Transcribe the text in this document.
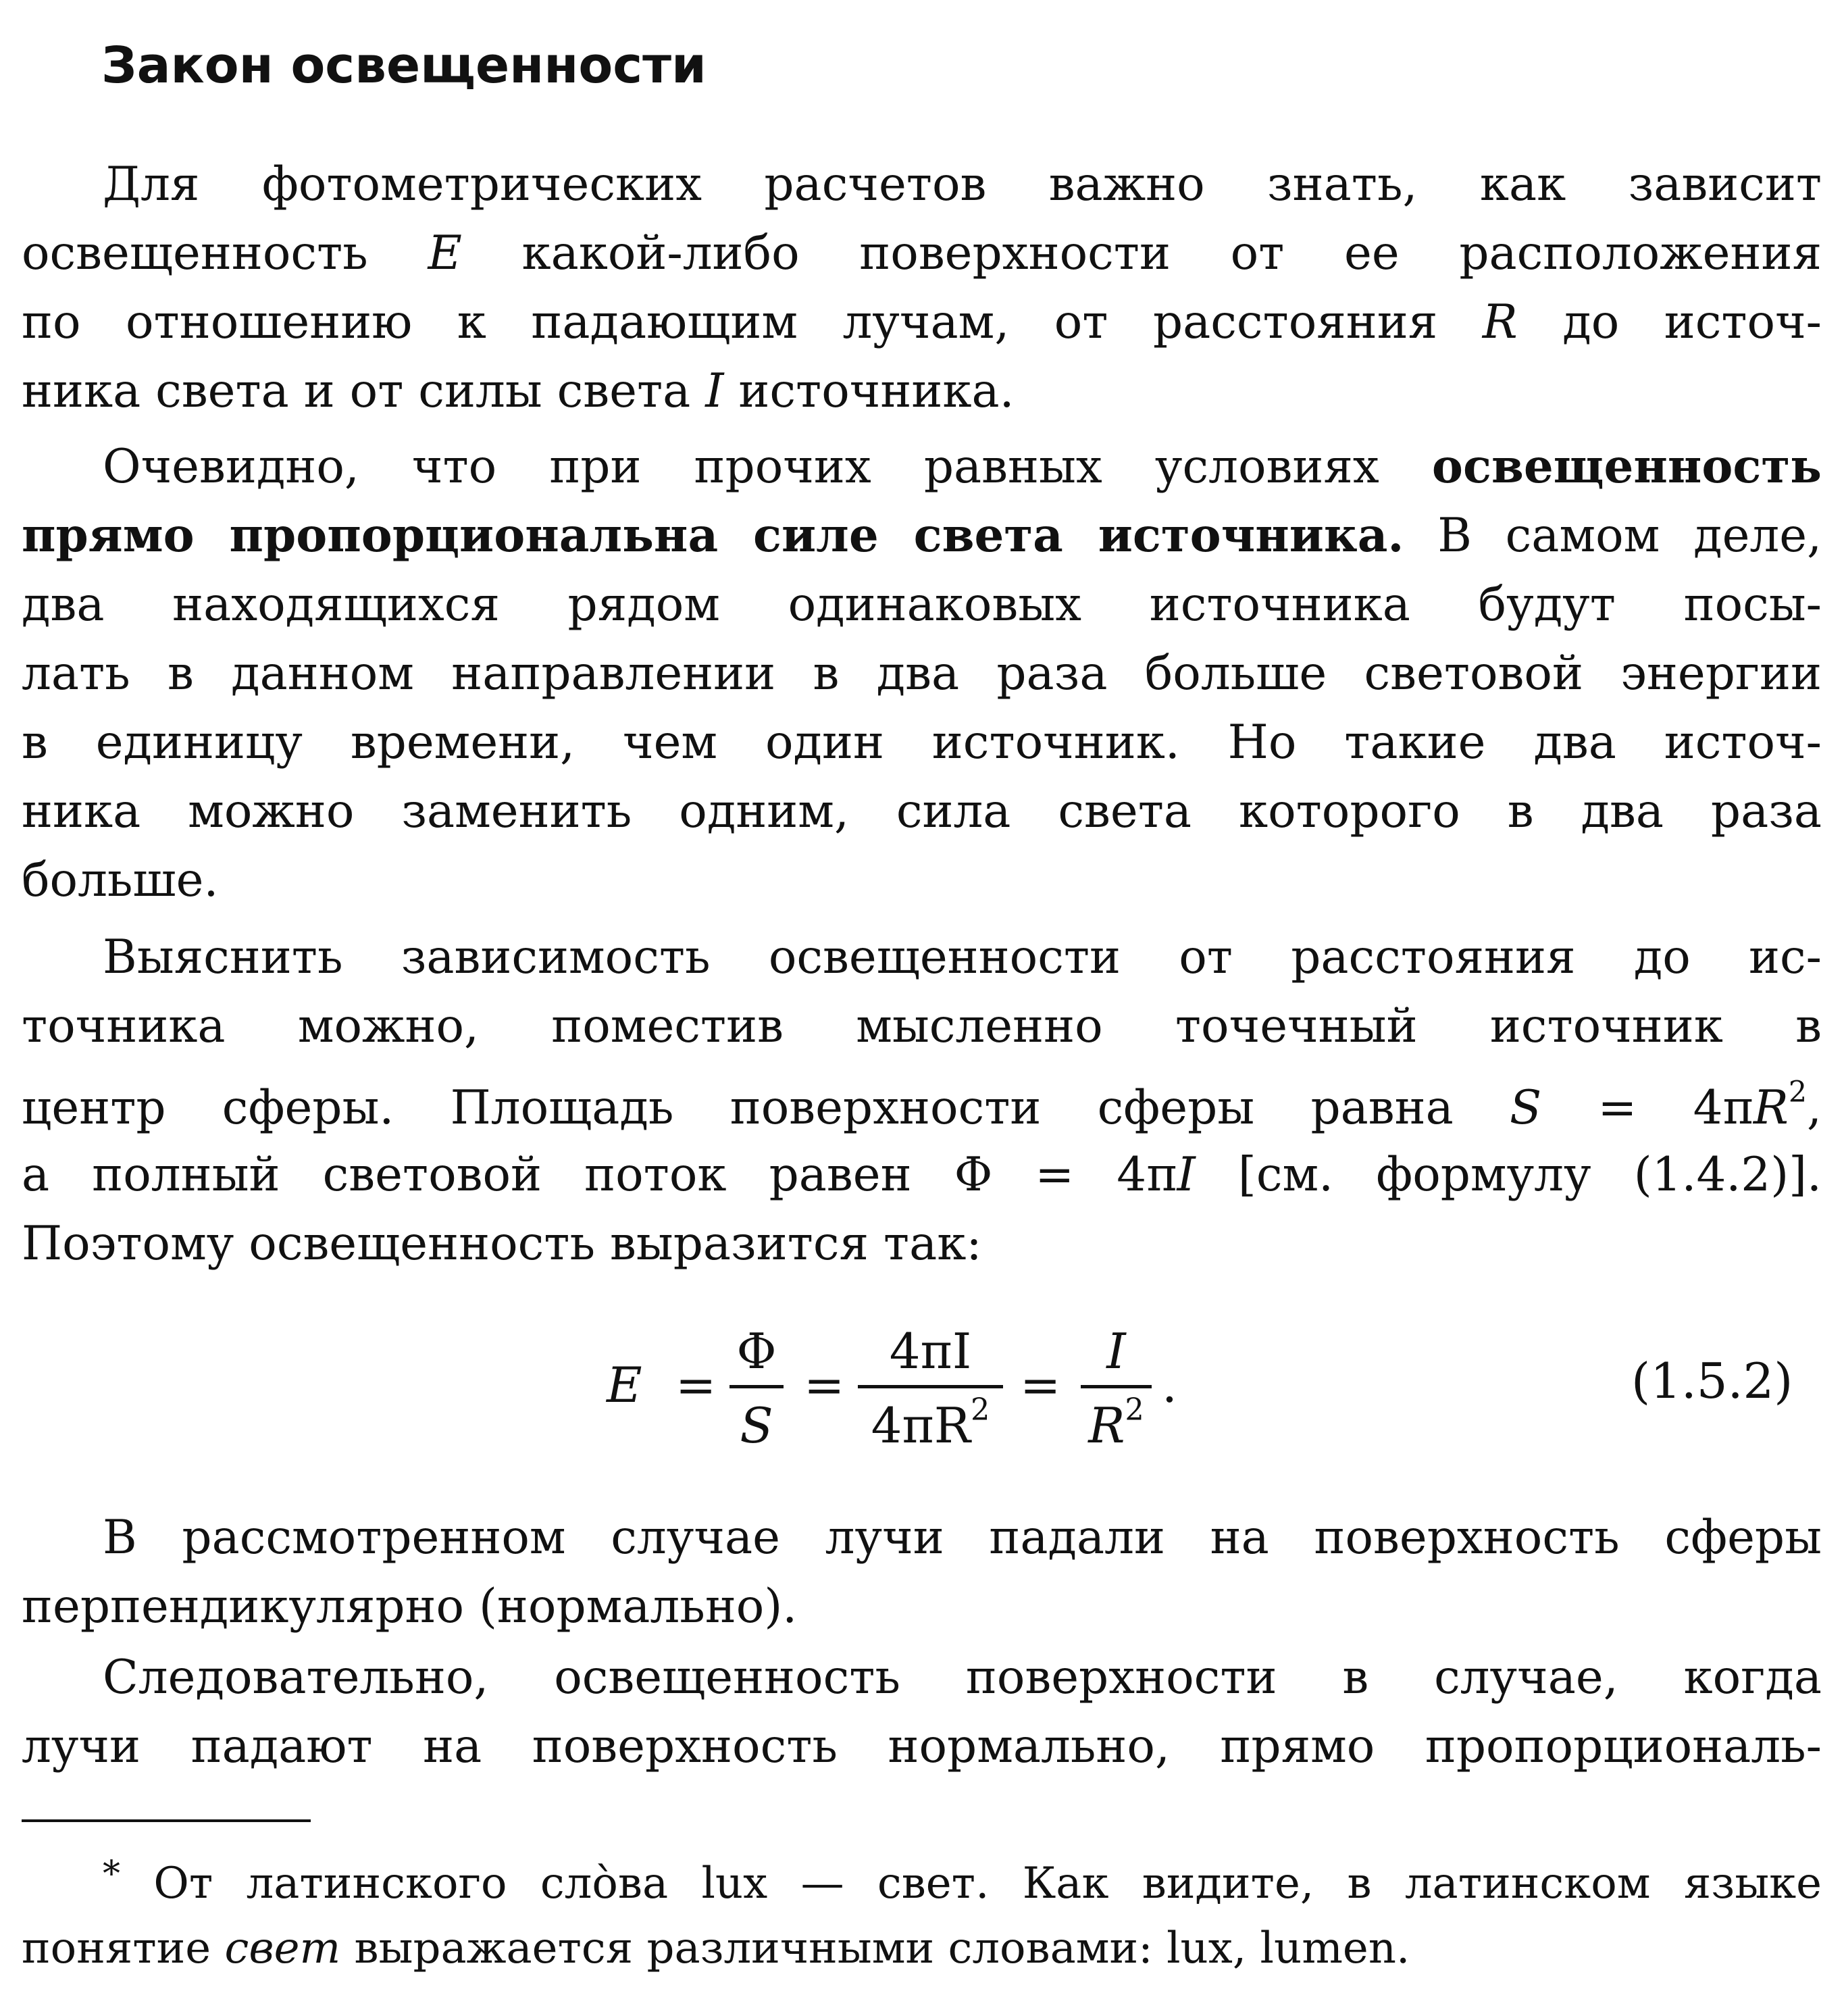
Закон освещенности
Для фотометрических расчетов важно знать, как зависит
освещенность E какой-либо поверхности от ее расположения
по отношению к падающим лучам, от расстояния R до источ-
ника света и от силы света I источника.
Очевидно, что при прочих равных условиях освещенность
прямо пропорциональна силе света источника. В самом деле,
два находящихся рядом одинаковых источника будут посы-
лать в данном направлении в два раза больше световой энергии
в единицу времени, чем один источник. Но такие два источ-
ника можно заменить одним, сила света которого в два раза
больше.
Выяснить зависимость освещенности от расстояния до ис-
точника можно, поместив мысленно точечный источник в
центр сферы. Площадь поверхности сферы равна $S = 4\pi R^2$,
а полный световой поток равен Φ = 4πI [см. формулу (1.4.2)].
Поэтому освещенность выразится так:
E =
Φ
S
=
4πI
$4\pi R^2$ =
I
$R^2$ .	(1.5.2)
В рассмотренном случае лучи падали на поверхность сферы
перпендикулярно (нормально).
Следовательно, освещенность поверхности в случае, когда
лучи падают на поверхность нормально, прямо пропорциональ-
* От латинского сло̀ва lux — свет. Как видите, в латинском языке
понятие свет выражается различными словами: lux, lumen.
